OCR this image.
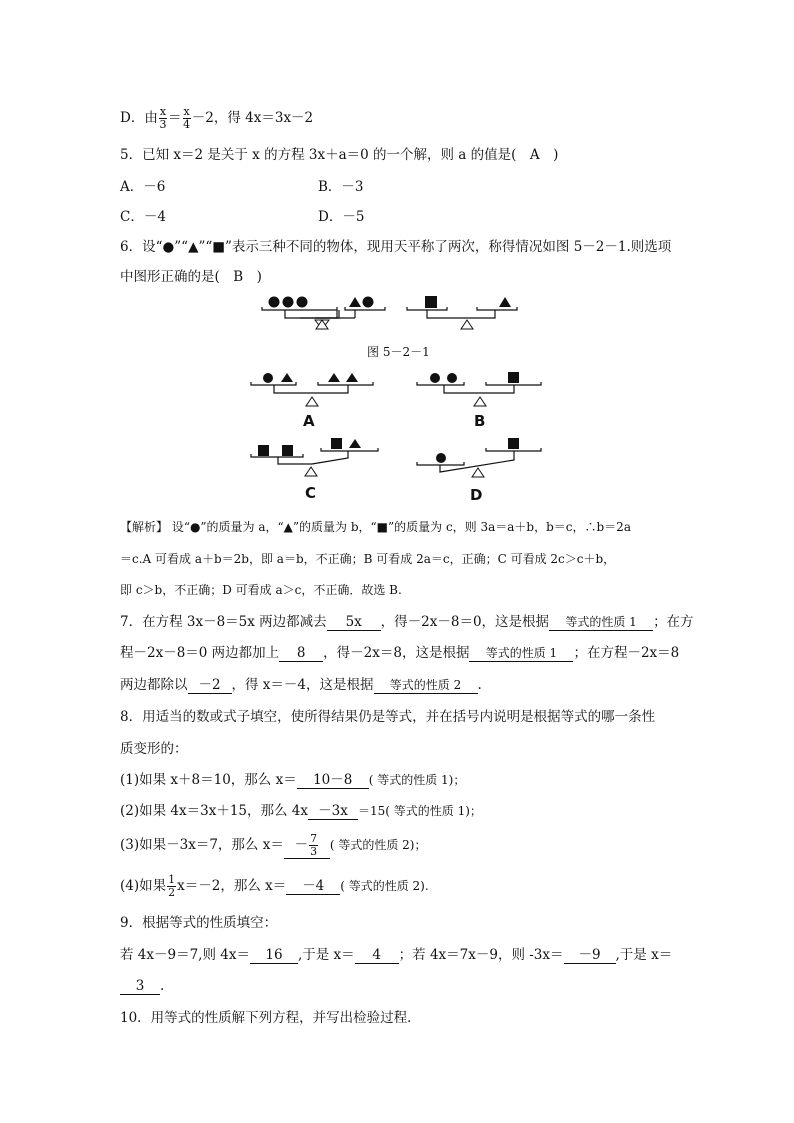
D．由 $\frac{x}{3} = \frac{x}{4} -2$，得 4x＝3x－2
5．已知 x＝2 是关于 x 的方程 3x＋a＝0 的一个解，则 a 的值是(　A　)
A．－6	B．－3
C．－4	D．－5
6．设“●”“▲”“■”表示三种不同的物体，现用天平称了两次，称得情况如图 5－2－1.则选项
中图形正确的是(　B　)
图 5－2－1
A	B
C	D
【解析】 设“●”的质量为 a，“▲”的质量为 b，“■”的质量为 c，则 3a＝a＋b，b＝c，∴b＝2a
＝c.A 可看成 a＋b＝2b，即 a＝b，不正确；B 可看成 2a＝c，正确；C 可看成 2c＞c＋b，
即 c＞b，不正确；D 可看成 a＞c，不正确．故选 B.
7．在方程 3x－8＝5x 两边都减去 5x ，得－2x－8＝0，这是根据 等式的性质 1 ；在方
程－2x－8＝0 两边都加上 8 ，得－2x＝8，这是根据 等式的性质 1 ；在方程－2x＝8
两边都除以 －2 ，得 x＝－4，这是根据 等式的性质 2 .
8．用适当的数或式子填空，使所得结果仍是等式，并在括号内说明是根据等式的哪一条性
质变形的：
(1)如果 x＋8＝10，那么 x＝ 10－8 ( 等式的性质 1)；
(2)如果 4x＝3x＋15，那么 4x －3x ＝15( 等式的性质 1)；
(3)如果－3x＝7，那么 $x= - \frac{7}{3}$ ( 等式的性质 2)；
(4)如果 $\frac{1}{2} x=-2$，那么 x＝ －4 ( 等式的性质 2).
9．根据等式的性质填空：
若 4x－9＝7,则 4x＝ 16 ,于是 x＝ 4 ；若 4x＝7x－9，则 -3x＝ －9 ,于是 x＝
3 .
10．用等式的性质解下列方程，并写出检验过程．
